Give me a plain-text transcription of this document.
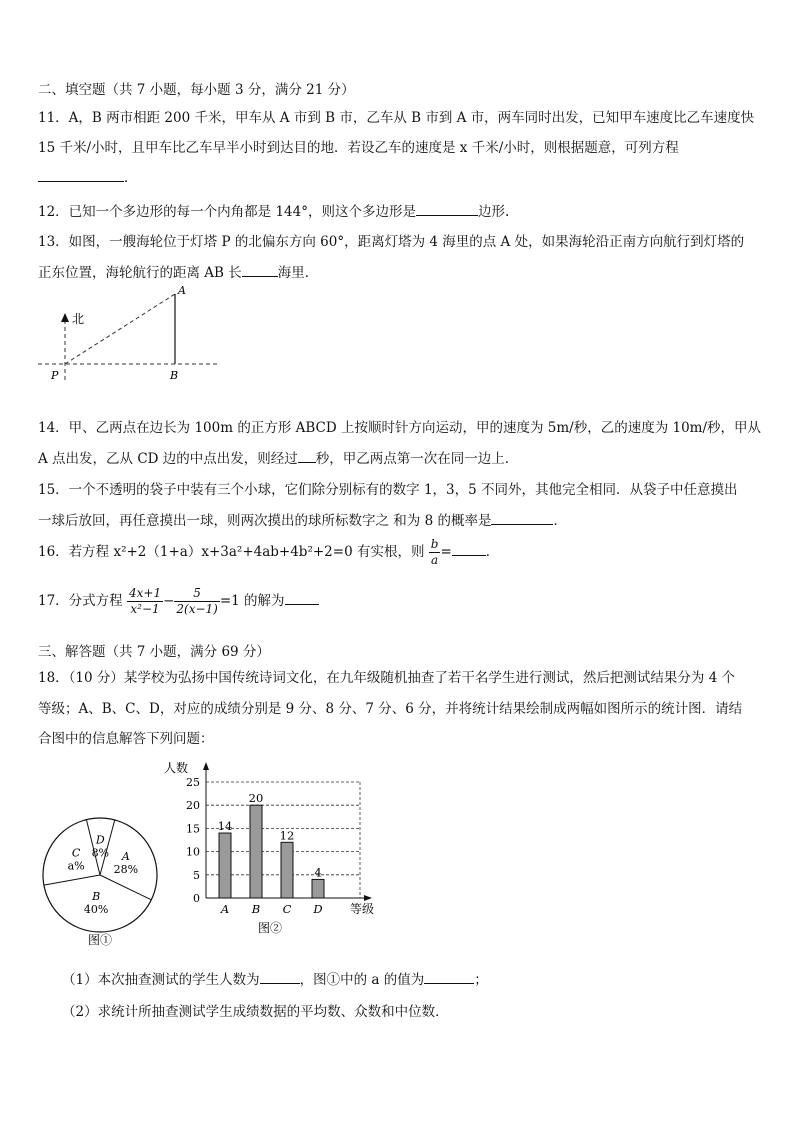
二、填空题（共 7 小题，每小题 3 分，满分 21 分）
11．A，B 两市相距 200 千米，甲车从 A 市到 B 市，乙车从 B 市到 A 市，两车同时出发，已知甲车速度比乙车速度快
15 千米/小时，且甲车比乙车早半小时到达目的地．若设乙车的速度是 x 千米/小时，则根据题意，可列方程
．
12．已知一个多边形的每一个内角都是 144°，则这个多边形是	边形.
13．如图，一艘海轮位于灯塔 P 的北偏东方向 60°，距离灯塔为 4 海里的点 A 处，如果海轮沿正南方向航行到灯塔的
正东位置，海轮航行的距离 AB 长	海里．
北
A
B
P
14．甲、乙两点在边长为 100m 的正方形 ABCD 上按顺时针方向运动，甲的速度为 5m/秒，乙的速度为 10m/秒，甲从
A 点出发，乙从 CD 边的中点出发，则经过 秒，甲乙两点第一次在同一边上．
15．一个不透明的袋子中装有三个小球，它们除分别标有的数字 1，3，5 不同外，其他完全相同．从袋子中任意摸出
一球后放回，再任意摸出一球，则两次摸出的球所标数字之 和为 8 的概率是	．
16．若方程 x²+2（1+a）x+3a²+4ab+4b²+2=0 有实根，则 $\frac{b}{a}$ =	．
17．分式方程 $\frac{4x+1}{\text{x²−1}} - \frac{5}{2(x-1)} =1$ 的解为
三、解答题（共 7 小题，满分 69 分）
18．（10 分）某学校为弘扬中国传统诗词文化，在九年级随机抽查了若干名学生进行测试，然后把测试结果分为 4 个
等级；A、B、C、D，对应的成绩分别是 9 分、8 分、7 分、6 分，并将统计结果绘制成两幅如图所示的统计图．请结
合图中的信息解答下列问题：
A
28%
B
40%
C
a%
D
8%
图①
0
5
10
15
20
25
14
A
20
B
12
C
4
D
人数
等级
图②
（1）本次抽查测试的学生人数为	，图①中的 a 的值为	；
（2）求统计所抽查测试学生成绩数据的平均数、众数和中位数．
